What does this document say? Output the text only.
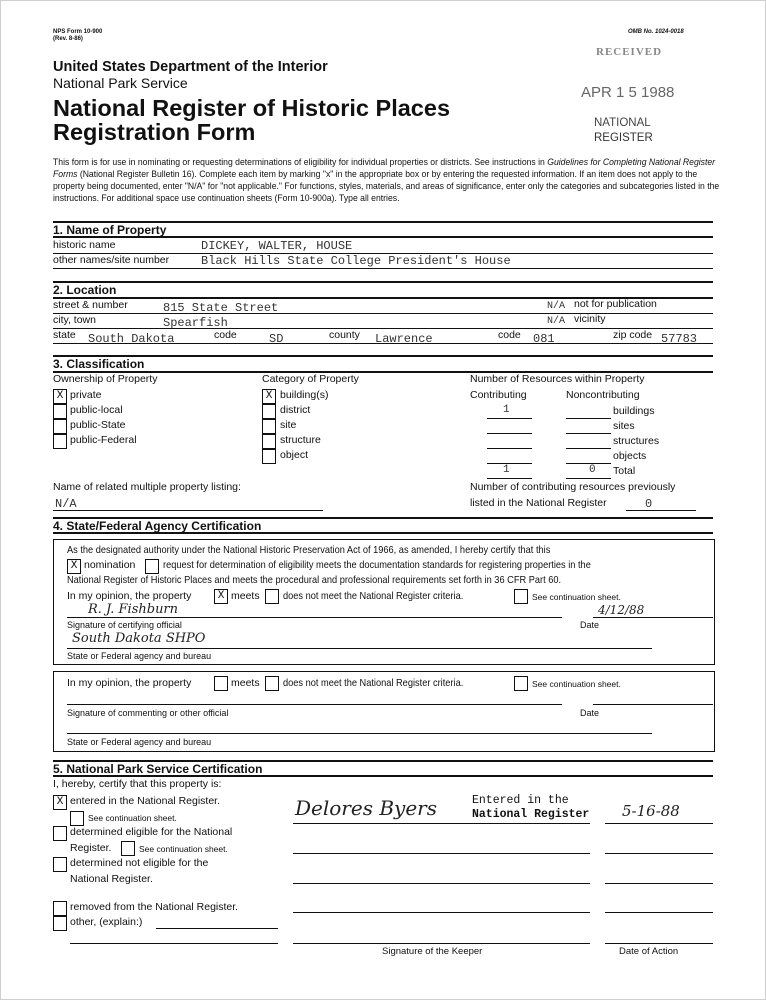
NPS Form 10-900
(Rev. 8-86)
OMB No. 1024-0018
United States Department of the Interior
National Park Service
National Register of Historic Places
Registration Form
RECEIVED
APR 1 5 1988
NATIONAL
REGISTER
This form is for use in nominating or requesting determinations of eligibility for individual properties or districts. See instructions in Guidelines for Completing National Register Forms (National Register Bulletin 16). Complete each item by marking "x" in the appropriate box or by entering the requested information. If an item does not apply to the property being documented, enter "N/A" for "not applicable." For functions, styles, materials, and areas of significance, enter only the categories and subcategories listed in the instructions. For additional space use continuation sheets (Form 10-900a). Type all entries.
1. Name of Property
historic name	DICKEY, WALTER, HOUSE
other names/site number	Black Hills State College President's House
2. Location
street & number	815 State Street	N/A not for publication
city, town	Spearfish	N/A vicinity
state South Dakota	code	SD	county Lawrence	code 081	zip code 57783
3. Classification
Ownership of Property	Category of Property	Number of Resources within Property
X private
public-local
public-State
public-Federal
X building(s)
district
site
structure
object
Contributing	Noncontributing
1	buildings
sites
structures
objects
1	0 Total
Name of related multiple property listing:
N/A
Number of contributing resources previously
listed in the National Register	0
4. State/Federal Agency Certification
As the designated authority under the National Historic Preservation Act of 1966, as amended, I hereby certify that this
X nomination	request for determination of eligibility meets the documentation standards for registering properties in the
National Register of Historic Places and meets the procedural and professional requirements set forth in 36 CFR Part 60.
In my opinion, the property	X meets does not meet the National Register criteria.	See continuation sheet.
R. J. Fishburn	4/12/88
Signature of certifying official	Date
South Dakota SHPO
State or Federal agency and bureau
In my opinion, the property	meets does not meet the National Register criteria.	See continuation sheet.
Signature of commenting or other official	Date
State or Federal agency and bureau
5. National Park Service Certification
I, hereby, certify that this property is:
X entered in the National Register.
See continuation sheet.
determined eligible for the National
Register.	See continuation sheet.
determined not eligible for the
National Register.
removed from the National Register.
other, (explain:)
Delores Byers	Entered in the
National Register 5-16-88
Signature of the Keeper	Date of Action
